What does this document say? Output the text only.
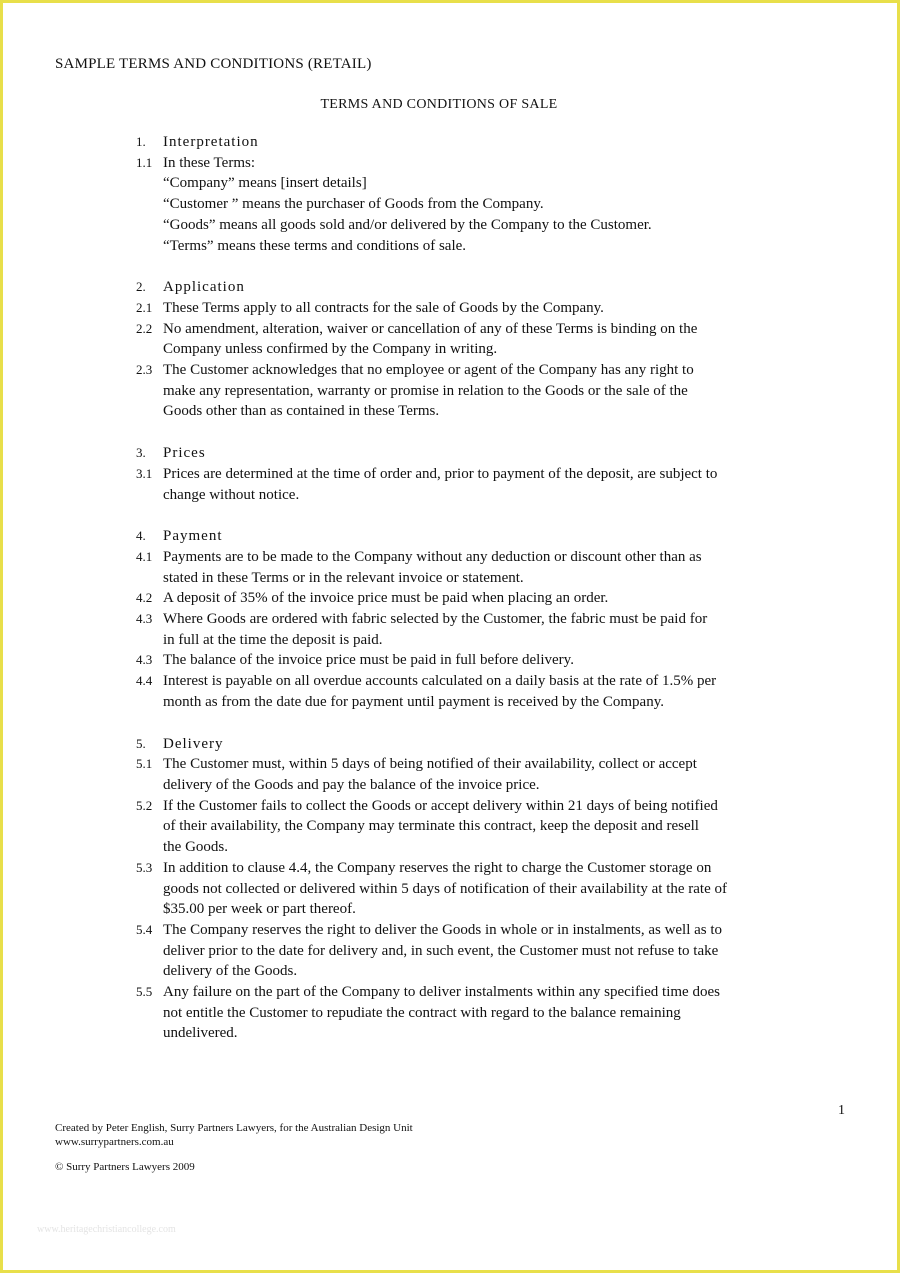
SAMPLE TERMS AND CONDITIONS (RETAIL)
TERMS AND CONDITIONS OF SALE
1.	Interpretation
1.1 In these Terms:
“Company” means [insert details]
“Customer ” means the purchaser of Goods from the Company.
“Goods” means all goods sold and/or delivered by the Company to the Customer.
“Terms” means these terms and conditions of sale.
2.	Application
2.1 These Terms apply to all contracts for the sale of Goods by the Company.
2.2 No amendment, alteration, waiver or cancellation of any of these Terms is binding on the
Company unless confirmed by the Company in writing.
2.3 The Customer acknowledges that no employee or agent of the Company has any right to
make any representation, warranty or promise in relation to the Goods or the sale of the
Goods other than as contained in these Terms.
3.	Prices
3.1 Prices are determined at the time of order and, prior to payment of the deposit, are subject to
change without notice.
4.	Payment
4.1 Payments are to be made to the Company without any deduction or discount other than as
stated in these Terms or in the relevant invoice or statement.
4.2 A deposit of 35% of the invoice price must be paid when placing an order.
4.3 Where Goods are ordered with fabric selected by the Customer, the fabric must be paid for
in full at the time the deposit is paid.
4.3 The balance of the invoice price must be paid in full before delivery.
4.4 Interest is payable on all overdue accounts calculated on a daily basis at the rate of 1.5% per
month as from the date due for payment until payment is received by the Company.
5.	Delivery
5.1 The Customer must, within 5 days of being notified of their availability, collect or accept
delivery of the Goods and pay the balance of the invoice price.
5.2 If the Customer fails to collect the Goods or accept delivery within 21 days of being notified
of their availability, the Company may terminate this contract, keep the deposit and resell
the Goods.
5.3 In addition to clause 4.4, the Company reserves the right to charge the Customer storage on
goods not collected or delivered within 5 days of notification of their availability at the rate of
$35.00 per week or part thereof.
5.4 The Company reserves the right to deliver the Goods in whole or in instalments, as well as to
deliver prior to the date for delivery and, in such event, the Customer must not refuse to take
delivery of the Goods.
5.5 Any failure on the part of the Company to deliver instalments within any specified time does
not entitle the Customer to repudiate the contract with regard to the balance remaining
undelivered.
1
Created by Peter English, Surry Partners Lawyers, for the Australian Design Unit
www.surrypartners.com.au
© Surry Partners Lawyers 2009
www.heritagechristiancollege.com
